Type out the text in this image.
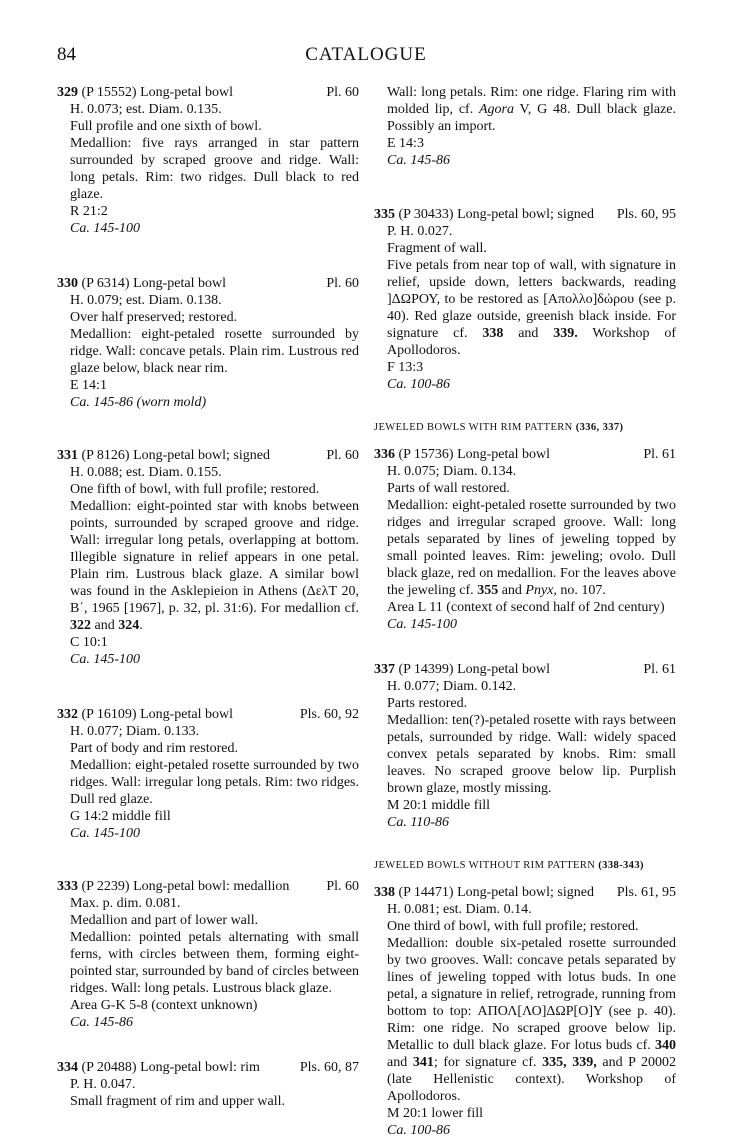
84	CATALOGUE
329 (P 15552) Long-petal bowl	Pl. 60
H. 0.073; est. Diam. 0.135.
Full profile and one sixth of bowl.
Medallion: five rays arranged in star pattern surrounded by scraped groove and ridge. Wall: long petals. Rim: two ridges. Dull black to red glaze.
R 21:2
Ca. 145-100
330 (P 6314) Long-petal bowl	Pl. 60
H. 0.079; est. Diam. 0.138.
Over half preserved; restored.
Medallion: eight-petaled rosette surrounded by ridge. Wall: concave petals. Plain rim. Lustrous red glaze below, black near rim.
E 14:1
Ca. 145-86 (worn mold)
331 (P 8126) Long-petal bowl; signed	Pl. 60
H. 0.088; est. Diam. 0.155.
One fifth of bowl, with full profile; restored.
Medallion: eight-pointed star with knobs between points, surrounded by scraped groove and ridge. Wall: irregular long petals, overlapping at bottom. Illegible signature in relief appears in one petal. Plain rim. Lustrous black glaze. A similar bowl was found in the Asklepieion in Athens (ΔελΤ 20, Β΄, 1965 [1967], p. 32, pl. 31:6). For medallion cf. 322 and 324.
C 10:1
Ca. 145-100
332 (P 16109) Long-petal bowl	Pls. 60, 92
H. 0.077; Diam. 0.133.
Part of body and rim restored.
Medallion: eight-petaled rosette surrounded by two ridges. Wall: irregular long petals. Rim: two ridges. Dull red glaze.
G 14:2 middle fill
Ca. 145-100
333 (P 2239) Long-petal bowl: medallion	Pl. 60
Max. p. dim. 0.081.
Medallion and part of lower wall.
Medallion: pointed petals alternating with small ferns, with circles between them, forming eight-pointed star, surrounded by band of circles between ridges. Wall: long petals. Lustrous black glaze.
Area G-K 5-8 (context unknown)
Ca. 145-86
334 (P 20488) Long-petal bowl: rim	Pls. 60, 87
P. H. 0.047.
Small fragment of rim and upper wall.
Wall: long petals. Rim: one ridge. Flaring rim with molded lip, cf. Agora V, G 48. Dull black glaze. Possibly an import.
E 14:3
Ca. 145-86
335 (P 30433) Long-petal bowl; signed Pls. 60, 95
P. H. 0.027.
Fragment of wall.
Five petals from near top of wall, with signature in relief, upside down, letters backwards, reading ]ΔΩΡΟΥ, to be restored as [Απολλο]δώρου (see p. 40). Red glaze outside, greenish black inside. For signature cf. 338 and 339. Workshop of Apollodoros.
F 13:3
Ca. 100-86
JEWELED BOWLS WITH RIM PATTERN (336, 337)
336 (P 15736) Long-petal bowl	Pl. 61
H. 0.075; Diam. 0.134.
Parts of wall restored.
Medallion: eight-petaled rosette surrounded by two ridges and irregular scraped groove. Wall: long petals separated by lines of jeweling topped by small pointed leaves. Rim: jeweling; ovolo. Dull black glaze, red on medallion. For the leaves above the jeweling cf. 355 and Pnyx, no. 107.
Area L 11 (context of second half of 2nd century)
Ca. 145-100
337 (P 14399) Long-petal bowl	Pl. 61
H. 0.077; Diam. 0.142.
Parts restored.
Medallion: ten(?)-petaled rosette with rays between petals, surrounded by ridge. Wall: widely spaced convex petals separated by knobs. Rim: small leaves. No scraped groove below lip. Purplish brown glaze, mostly missing.
M 20:1 middle fill
Ca. 110-86
JEWELED BOWLS WITHOUT RIM PATTERN (338-343)
338 (P 14471) Long-petal bowl; signed Pls. 61, 95
H. 0.081; est. Diam. 0.14.
One third of bowl, with full profile; restored.
Medallion: double six-petaled rosette surrounded by two grooves. Wall: concave petals separated by lines of jeweling topped with lotus buds. In one petal, a signature in relief, retrograde, running from bottom to top: ΑΠΟΛ[ΛΟ]ΔΩΡ[Ο]Υ (see p. 40). Rim: one ridge. No scraped groove below lip. Metallic to dull black glaze. For lotus buds cf. 340 and 341; for signature cf. 335, 339, and P 20002 (late Hellenistic context). Workshop of Apollodoros.
M 20:1 lower fill
Ca. 100-86
